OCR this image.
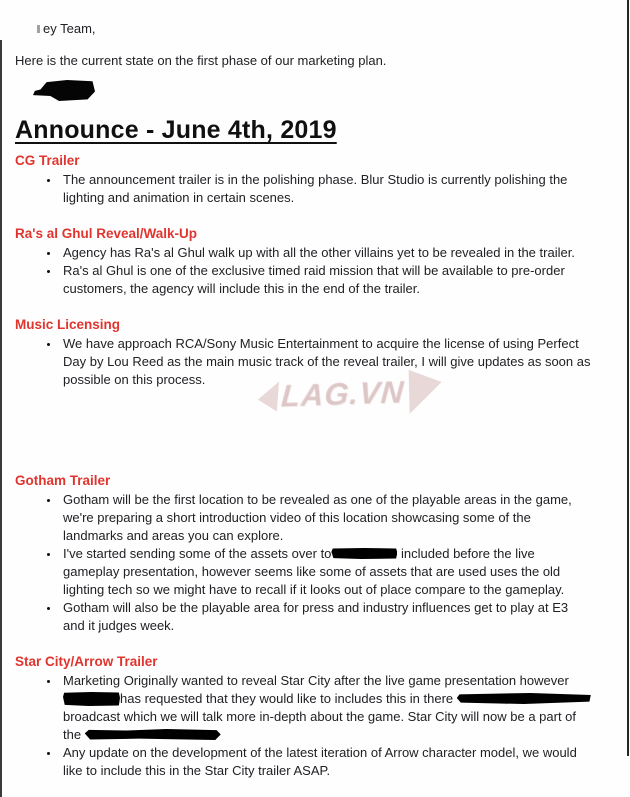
ey Team,

Here is the current state on the first phase of our marketing plan.

Announce - June 4th, 2019
CG Trailer
• The announcement trailer is in the polishing phase. Blur Studio is currently polishing the lighting and animation in certain scenes.
Ra's al Ghul Reveal/Walk-Up
• Agency has Ra's al Ghul walk up with all the other villains yet to be revealed in the trailer.
• Ra's al Ghul is one of the exclusive timed raid mission that will be available to pre-order customers, the agency will include this in the end of the trailer.
Music Licensing
• We have approach RCA/Sony Music Entertainment to acquire the license of using Perfect Day by Lou Reed as the main music track of the reveal trailer, I will give updates as soon as possible on this process.
Gotham Trailer
• Gotham will be the first location to be revealed as one of the playable areas in the game, we're preparing a short introduction video of this location showcasing some of the landmarks and areas you can explore.
• I've started sending some of the assets over to	included before the live gameplay presentation, however seems like some of assets that are used uses the old lighting tech so we might have to recall if it looks out of place compare to the gameplay.
• Gotham will also be the playable area for press and industry influences get to play at E3 and it judges week.
Star City/Arrow Trailer
• Marketing Originally wanted to reveal Star City after the live game presentation however has requested that they would like to includes this in there  broadcast which we will talk more in-depth about the game. Star City will now be a part of the
• Any update on the development of the latest iteration of Arrow character model, we would like to include this in the Star City trailer ASAP.
LAG.VN
